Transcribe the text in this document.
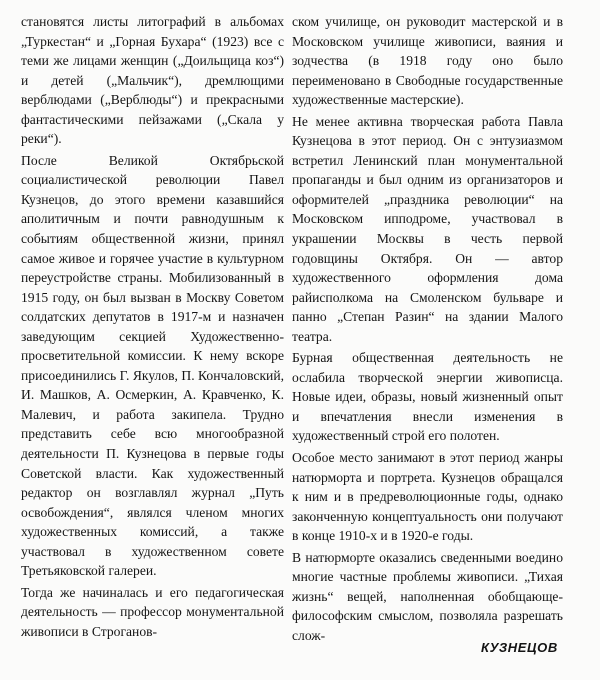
становятся листы литографий в альбомах „Туркестан“ и „Горная Бухара“ (1923) все с теми же лицами женщин („Доильщица коз“) и детей („Мальчик“), дремлющими верблюдами („Верблюды“) и прекрасными фантастическими пейзажами („Скала у реки“).

После Великой Октябрьской социалистической революции Павел Кузнецов, до этого времени казавшийся аполитичным и почти равнодушным к событиям общественной жизни, принял самое живое и горячее участие в культурном переустройстве страны. Мобилизованный в 1915 году, он был вызван в Москву Советом солдатских депутатов в 1917-м и назначен заведующим секцией Художественно-просветительной комиссии. К нему вскоре присоединились Г. Якулов, П. Кончаловский, И. Машков, А. Осмеркин, А. Кравченко, К. Малевич, и работа закипела. Трудно представить себе всю многообразной деятельности П. Кузнецова в первые годы Советской власти. Как художественный редактор он возглавлял журнал „Путь освобождения“, являлся членом многих художественных комиссий, а также участвовал в художественном совете Третьяковской галереи.

Тогда же начиналась и его педагогическая деятельность — профессор монументальной живописи в Строганов-

ском училище, он руководит мастерской и в Московском училище живописи, ваяния и зодчества (в 1918 году оно было переименовано в Свободные государственные художественные мастерские).

Не менее активна творческая работа Павла Кузнецова в этот период. Он с энтузиазмом встретил Ленинский план монументальной пропаганды и был одним из организаторов и оформителей „праздника революции“ на Московском ипподроме, участвовал в украшении Москвы в честь первой годовщины Октября. Он — автор художественного оформления дома райисполкома на Смоленском бульваре и панно „Степан Разин“ на здании Малого театра.

Бурная общественная деятельность не ослабила творческой энергии живописца. Новые идеи, образы, новый жизненный опыт и впечатления внесли изменения в художественный строй его полотен.

Особое место занимают в этот период жанры натюрморта и портрета. Кузнецов обращался к ним и в предреволюционные годы, однако законченную концептуальность они получают в конце 1910-х и в 1920-е годы.

В натюрморте оказались сведенными воедино многие частные проблемы живописи. „Тихая жизнь“ вещей, наполненная обобщающе-философским смыслом, позволяла разрешать слож-

КУЗНЕЦОВ
